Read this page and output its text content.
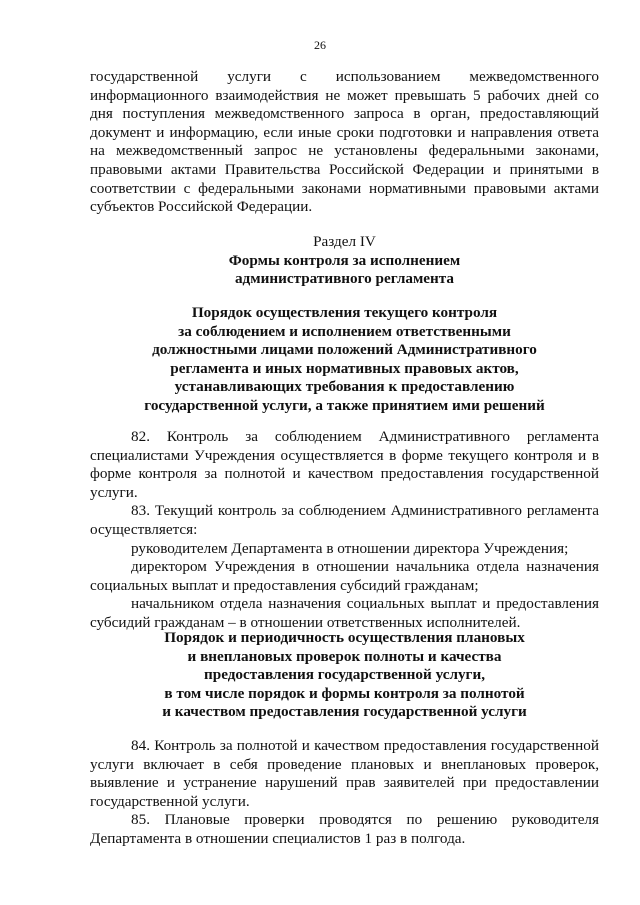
26

государственной услуги с использованием межведомственного информационного взаимодействия не может превышать 5 рабочих дней со дня поступления межведомственного запроса в орган, предоставляющий документ и информацию, если иные сроки подготовки и направления ответа на межведомственный запрос не установлены федеральными законами, правовыми актами Правительства Российской Федерации и принятыми в соответствии с федеральными законами нормативными правовыми актами субъектов Российской Федерации.

Раздел IV
Формы контроля за исполнением
административного регламента
Порядок осуществления текущего контроля
за соблюдением и исполнением ответственными
должностными лицами положений Административного
регламента и иных нормативных правовых актов,
устанавливающих требования к предоставлению
государственной услуги, а также принятием ими решений

82. Контроль за соблюдением Административного регламента специалистами Учреждения осуществляется в форме текущего контроля и в форме контроля за полнотой и качеством предоставления государственной услуги.

83. Текущий контроль за соблюдением Административного регламента осуществляется:

руководителем Департамента в отношении директора Учреждения;

директором Учреждения в отношении начальника отдела назначения социальных выплат и предоставления субсидий гражданам;

начальником отдела назначения социальных выплат и предоставления субсидий гражданам – в отношении ответственных исполнителей.

Порядок и периодичность осуществления плановых
и внеплановых проверок полноты и качества
предоставления государственной услуги,
в том числе порядок и формы контроля за полнотой
и качеством предоставления государственной услуги

84. Контроль за полнотой и качеством предоставления государственной услуги включает в себя проведение плановых и внеплановых проверок, выявление и устранение нарушений прав заявителей при предоставлении государственной услуги.

85. Плановые проверки проводятся по решению руководителя Департамента в отношении специалистов 1 раз в полгода.
